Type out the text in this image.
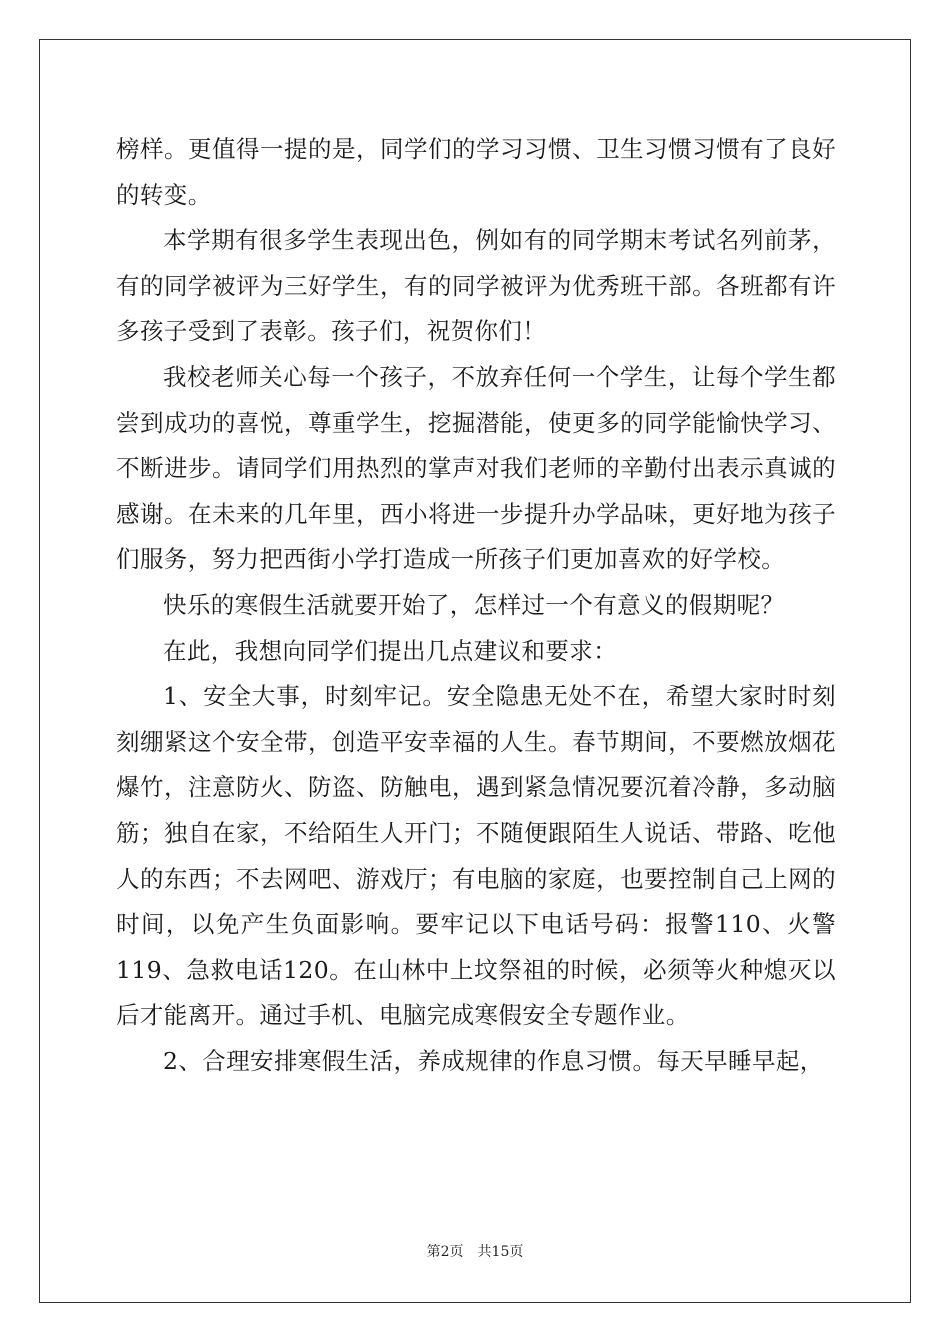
榜样。更值得一提的是，同学们的学习习惯、卫生习惯习惯有了良好的转变。

本学期有很多学生表现出色，例如有的同学期末考试名列前茅，有的同学被评为三好学生，有的同学被评为优秀班干部。各班都有许多孩子受到了表彰。孩子们，祝贺你们！

我校老师关心每一个孩子，不放弃任何一个学生，让每个学生都尝到成功的喜悦，尊重学生，挖掘潜能，使更多的同学能愉快学习、不断进步。请同学们用热烈的掌声对我们老师的辛勤付出表示真诚的感谢。在未来的几年里，西小将进一步提升办学品味，更好地为孩子们服务，努力把西街小学打造成一所孩子们更加喜欢的好学校。

快乐的寒假生活就要开始了，怎样过一个有意义的假期呢？

在此，我想向同学们提出几点建议和要求：

1、安全大事，时刻牢记。安全隐患无处不在，希望大家时时刻刻绷紧这个安全带，创造平安幸福的人生。春节期间，不要燃放烟花爆竹，注意防火、防盗、防触电，遇到紧急情况要沉着冷静，多动脑筋；独自在家，不给陌生人开门；不随便跟陌生人说话、带路、吃他人的东西；不去网吧、游戏厅；有电脑的家庭，也要控制自己上网的时间，以免产生负面影响。要牢记以下电话号码：报警110、火警119、急救电话120。在山林中上坟祭祖的时候，必须等火种熄灭以后才能离开。通过手机、电脑完成寒假安全专题作业。

2、合理安排寒假生活，养成规律的作息习惯。每天早睡早起，

第2页 共15页
